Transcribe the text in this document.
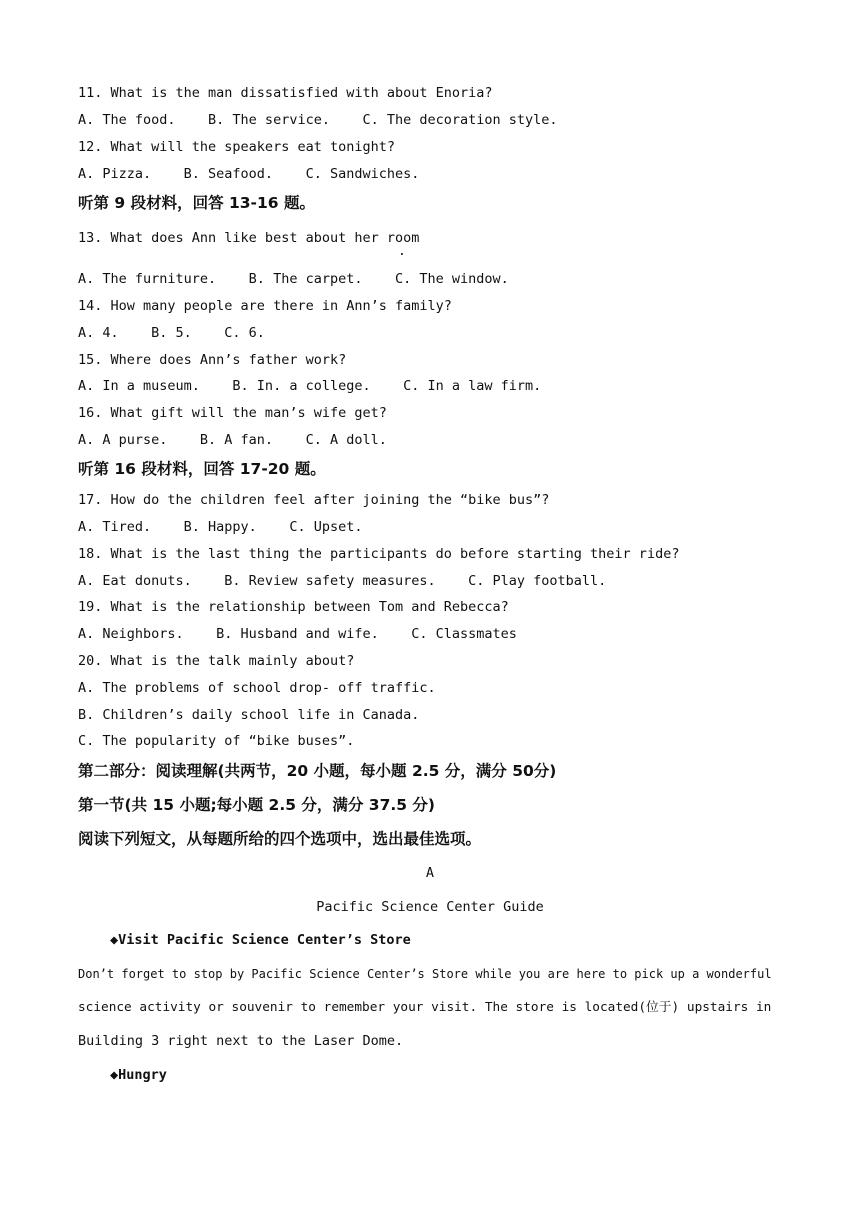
11. What is the man dissatisfied with about Enoria?
A. The food.    B. The service.    C. The decoration style.
12. What will the speakers eat tonight?
A. Pizza.    B. Seafood.    C. Sandwiches.
听第 9 段材料，回答 13-16 题。
13. What does Ann like best about her room
.
A. The furniture.    B. The carpet.    C. The window.
14. How many people are there in Ann’s family?
A. 4.    B. 5.    C. 6.
15. Where does Ann’s father work?
A. In a museum.    B. In. a college.    C. In a law firm.
16. What gift will the man’s wife get?
A. A purse.    B. A fan.    C. A doll.
听第 16 段材料，回答 17-20 题。
17. How do the children feel after joining the “bike bus”?
A. Tired.    B. Happy.    C. Upset.
18. What is the last thing the participants do before starting their ride?
A. Eat donuts.    B. Review safety measures.    C. Play football.
19. What is the relationship between Tom and Rebecca?
A. Neighbors.    B. Husband and wife.    C. Classmates
20. What is the talk mainly about?
A. The problems of school drop- off traffic.
B. Children’s daily school life in Canada.
C. The popularity of “bike buses”.
第二部分：阅读理解(共两节，20 小题，每小题 2.5 分，满分 50分)
第一节(共 15 小题;每小题 2.5 分，满分 37.5 分)
阅读下列短文，从每题所给的四个选项中，选出最佳选项。
A
Pacific Science Center Guide
◆Visit Pacific Science Center’s Store
Don’t forget to stop by Pacific Science Center’s Store while you are here to pick up a wonderful
science activity or souvenir to remember your visit. The store is located(位于) upstairs in
Building 3 right next to the Laser Dome.
◆Hungry
